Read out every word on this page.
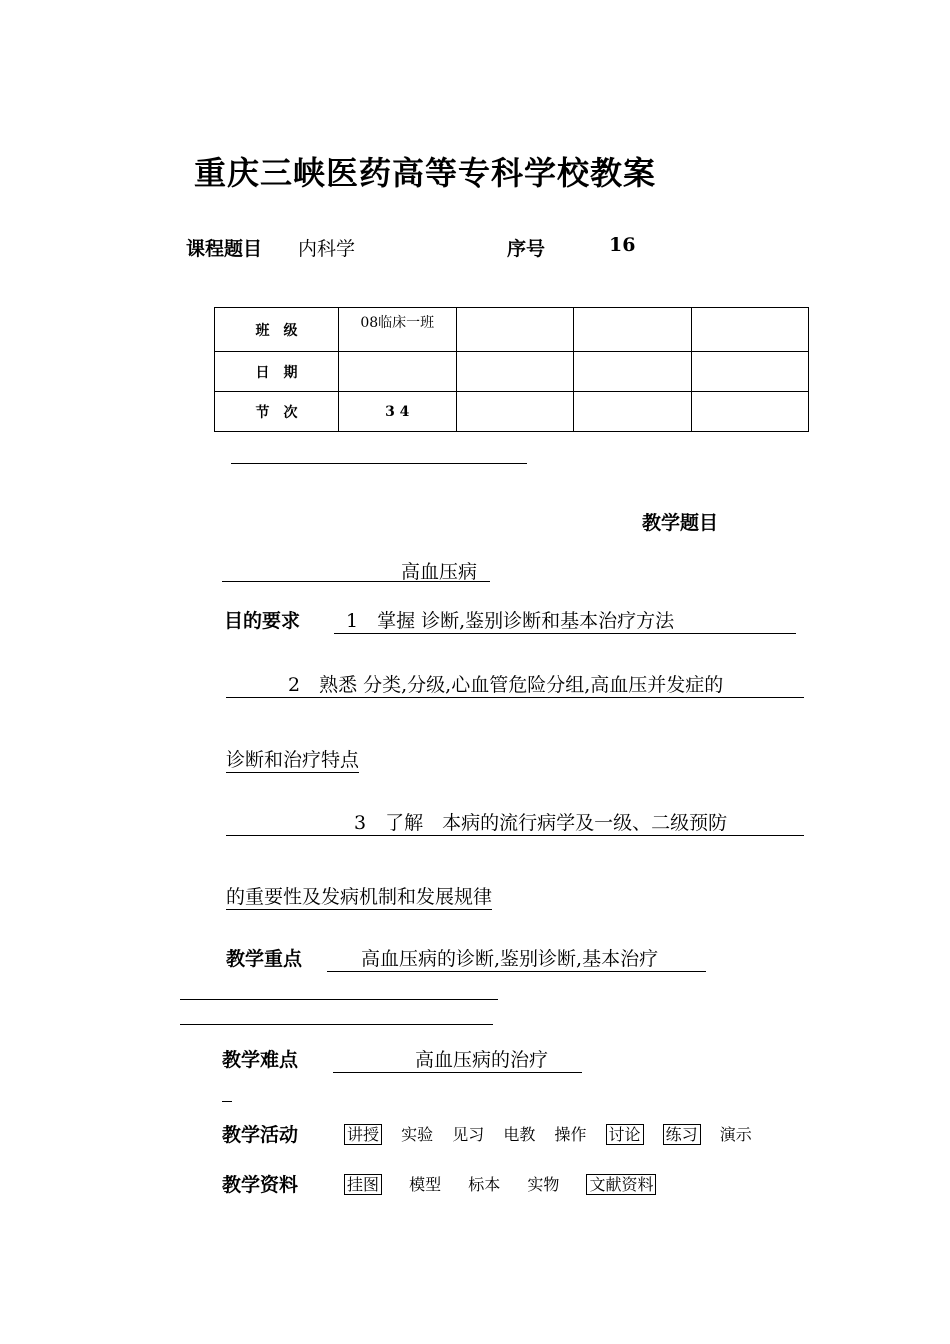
重庆三峡医药高等专科学校教案
课程题目 内科学	序号	16
班　级	08临床一班			
日　期				
节　次	3 4			
教学题目
高血压病
目的要求	1　掌握 诊断,鉴别诊断和基本治疗方法
2　熟悉 分类,分级,心血管危险分组,高血压并发症的
诊断和治疗特点
3　了解　本病的流行病学及一级、二级预防
的重要性及发病机制和发展规律
教学重点	高血压病的诊断,鉴别诊断,基本治疗
教学难点	高血压病的治疗
教学活动	讲授 实验 见习 电教 操作 讨论 练习 演示
教学资料	挂图 模型 标本 实物 文献资料
